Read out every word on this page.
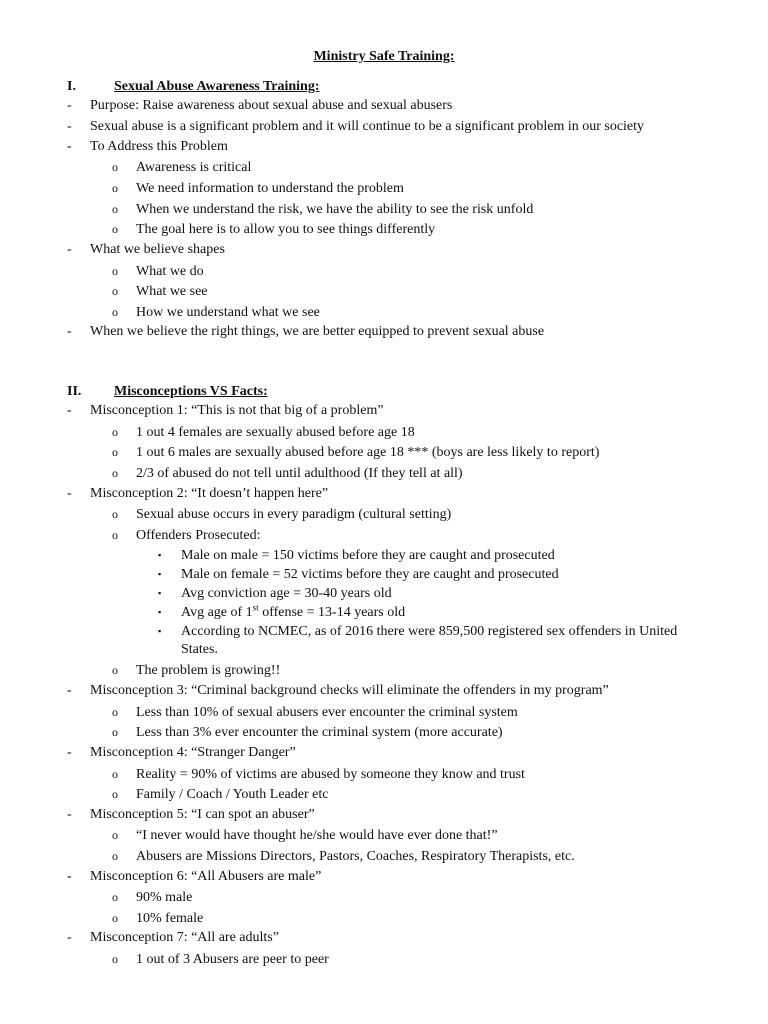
Ministry Safe Training:
I.	Sexual Abuse Awareness Training:
- Purpose: Raise awareness about sexual abuse and sexual abusers
- Sexual abuse is a significant problem and it will continue to be a significant problem in our society
- To Address this Problem
o Awareness is critical
o We need information to understand the problem
o When we understand the risk, we have the ability to see the risk unfold
o The goal here is to allow you to see things differently
- What we believe shapes
o What we do
o What we see
o How we understand what we see
- When we believe the right things, we are better equipped to prevent sexual abuse
II. Misconceptions VS Facts:
- Misconception 1: “This is not that big of a problem”
o 1 out 4 females are sexually abused before age 18
o 1 out 6 males are sexually abused before age 18 *** (boys are less likely to report)
o 2/3 of abused do not tell until adulthood (If they tell at all)
- Misconception 2: “It doesn’t happen here”
o Sexual abuse occurs in every paradigm (cultural setting)
o Offenders Prosecuted:
▪ Male on male = 150 victims before they are caught and prosecuted
▪ Male on female = 52 victims before they are caught and prosecuted
▪ Avg conviction age = 30-40 years old
▪ Avg age of 1st offense = 13-14 years old
▪ According to NCMEC, as of 2016 there were 859,500 registered sex offenders in United
States.
o The problem is growing!!
- Misconception 3: “Criminal background checks will eliminate the offenders in my program”
o Less than 10% of sexual abusers ever encounter the criminal system
o Less than 3% ever encounter the criminal system (more accurate)
- Misconception 4: “Stranger Danger”
o Reality = 90% of victims are abused by someone they know and trust
o Family / Coach / Youth Leader etc
- Misconception 5: “I can spot an abuser”
o “I never would have thought he/she would have ever done that!”
o Abusers are Missions Directors, Pastors, Coaches, Respiratory Therapists, etc.
- Misconception 6: “All Abusers are male”
o 90% male
o 10% female
- Misconception 7: “All are adults”
o 1 out of 3 Abusers are peer to peer
